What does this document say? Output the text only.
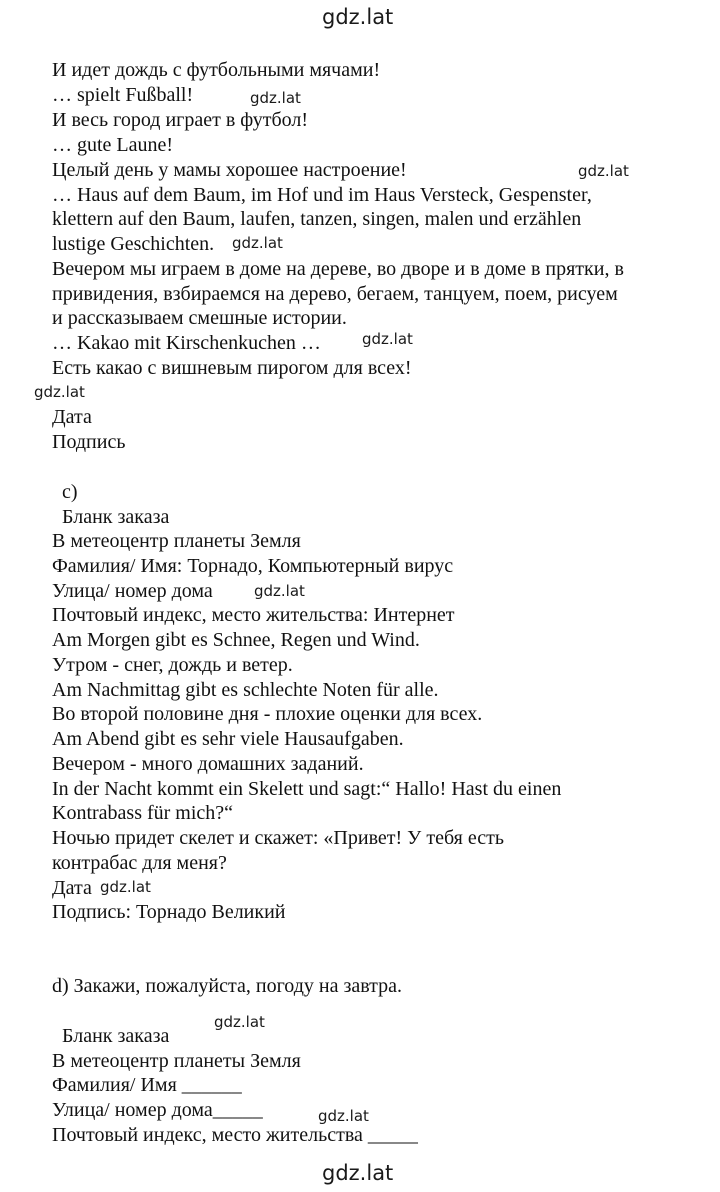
gdz.lat
И идет дождь с футбольными мячами!
… spielt Fußball!
И весь город играет в футбол!
… gute Laune!
Целый день у мамы хорошее настроение!
… Haus auf dem Baum, im Hof und im Haus Versteck, Gespenster,
klettern auf den Baum, laufen, tanzen, singen, malen und erzählen
lustige Geschichten.
Вечером мы играем в доме на дереве, во дворе и в доме в прятки, в
привидения, взбираемся на дерево, бегаем, танцуем, поем, рисуем
и рассказываем смешные истории.
… Kakao mit Kirschenkuchen …
Есть какао с вишневым пирогом для всех!
Дата
Подпись
c)
Бланк заказа
В метеоцентр планеты Земля
Фамилия/ Имя: Торнадо, Компьютерный вирус
Улица/ номер дома
Почтовый индекс, место жительства: Интернет
Am Morgen gibt es Schnee, Regen und Wind.
Утром - снег, дождь и ветер.
Am Nachmittag gibt es schlechte Noten für alle.
Во второй половине дня - плохие оценки для всех.
Am Abend gibt es sehr viele Hausaufgaben.
Вечером - много домашних заданий.
In der Nacht kommt ein Skelett und sagt:“ Hallo! Hast du einen
Kontrabass für mich?“
Ночью придет скелет и скажет: «Привет! У тебя есть
контрабас для меня?
Дата
Подпись: Торнадо Великий
d) Закажи, пожалуйста, погоду на завтра.
Бланк заказа
В метеоцентр планеты Земля
Фамилия/ Имя ______
Улица/ номер дома_____
Почтовый индекс, место жительства _____
gdz.lat
gdz.lat
gdz.lat
gdz.lat
gdz.lat
gdz.lat
gdz.lat
gdz.lat
gdz.lat
gdz.lat
